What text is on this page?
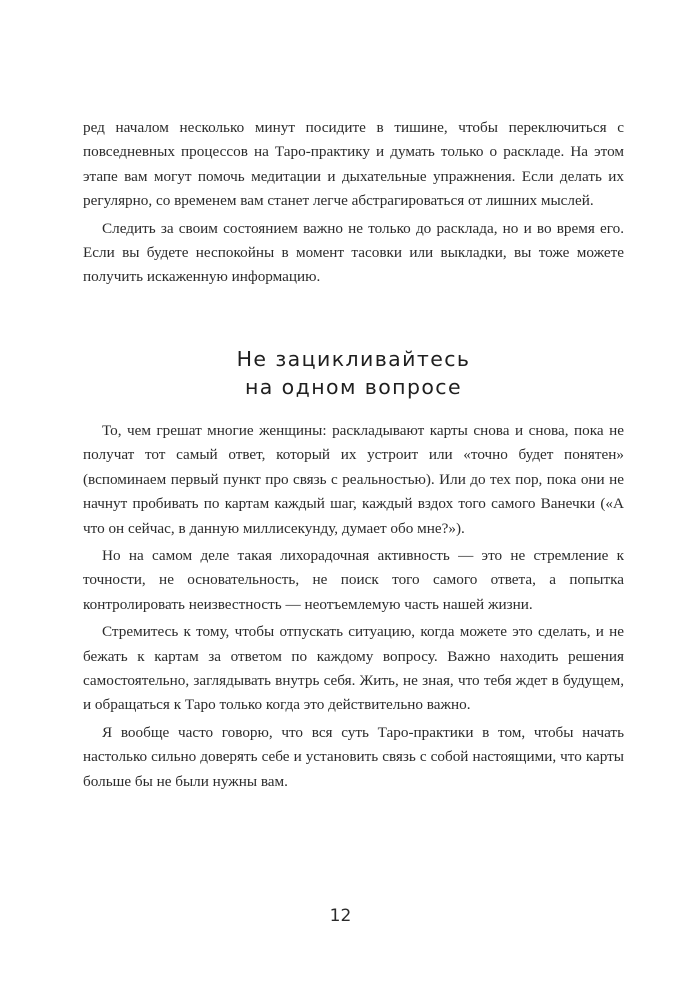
ред началом несколько минут посидите в тишине, чтобы переключиться с повседневных процессов на Таро-практику и думать только о раскладе. На этом этапе вам могут помочь медитации и дыхательные упражнения. Если делать их регулярно, со временем вам станет легче абстрагироваться от лишних мыслей.

Следить за своим состоянием важно не только до расклада, но и во время его. Если вы будете неспокойны в момент тасовки или выкладки, вы тоже можете получить искаженную информацию.

Не зацикливайтесь
на одном вопросе

То, чем грешат многие женщины: раскладывают карты снова и снова, пока не получат тот самый ответ, который их устроит или «точно будет понятен» (вспоминаем первый пункт про связь с реальностью). Или до тех пор, пока они не начнут пробивать по картам каждый шаг, каждый вздох того самого Ванечки («А что он сейчас, в данную миллисекунду, думает обо мне?»).

Но на самом деле такая лихорадочная активность — это не стремление к точности, не основательность, не поиск того самого ответа, а попытка контролировать неизвестность — неотъемлемую часть нашей жизни.

Стремитесь к тому, чтобы отпускать ситуацию, когда можете это сделать, и не бежать к картам за ответом по каждому вопросу. Важно находить решения самостоятельно, заглядывать внутрь себя. Жить, не зная, что тебя ждет в будущем, и обращаться к Таро только когда это действительно важно.

Я вообще часто говорю, что вся суть Таро-практики в том, чтобы начать настолько сильно доверять себе и установить связь с собой настоящими, что карты больше бы не были нужны вам.

12
